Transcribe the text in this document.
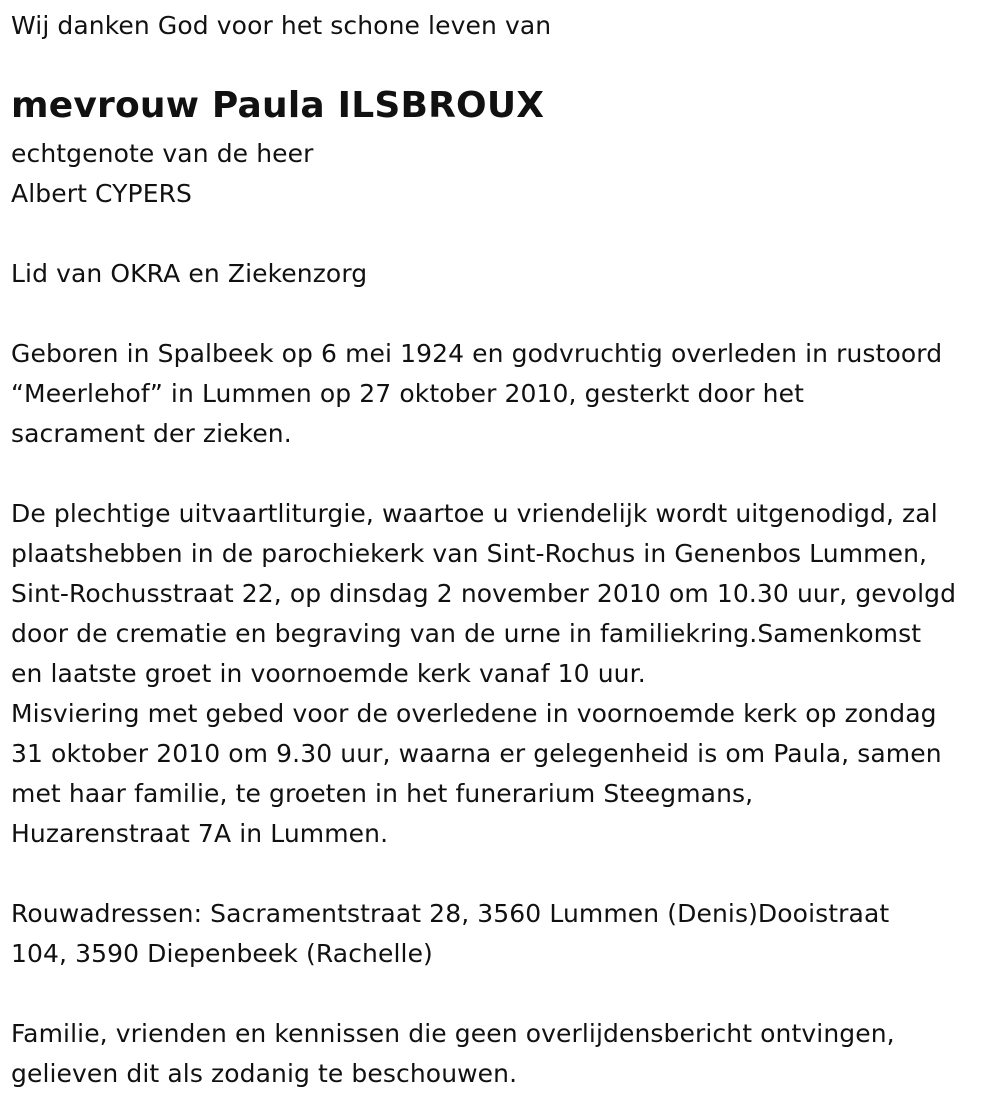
Wij danken God voor het schone leven van
mevrouw Paula ILSBROUX
echtgenote van de heer
Albert CYPERS
Lid van OKRA en Ziekenzorg
Geboren in Spalbeek op 6 mei 1924 en godvruchtig overleden in rustoord
“Meerlehof” in Lummen op 27 oktober 2010, gesterkt door het
sacrament der zieken.
De plechtige uitvaartliturgie, waartoe u vriendelijk wordt uitgenodigd, zal
plaatshebben in de parochiekerk van Sint-Rochus in Genenbos Lummen,
Sint-Rochusstraat 22, op dinsdag 2 november 2010 om 10.30 uur, gevolgd
door de crematie en begraving van de urne in familiekring.Samenkomst
en laatste groet in voornoemde kerk vanaf 10 uur.
Misviering met gebed voor de overledene in voornoemde kerk op zondag
31 oktober 2010 om 9.30 uur, waarna er gelegenheid is om Paula, samen
met haar familie, te groeten in het funerarium Steegmans,
Huzarenstraat 7A in Lummen.
Rouwadressen: Sacramentstraat 28, 3560 Lummen (Denis)Dooistraat
104, 3590 Diepenbeek (Rachelle)
Familie, vrienden en kennissen die geen overlijdensbericht ontvingen,
gelieven dit als zodanig te beschouwen.
